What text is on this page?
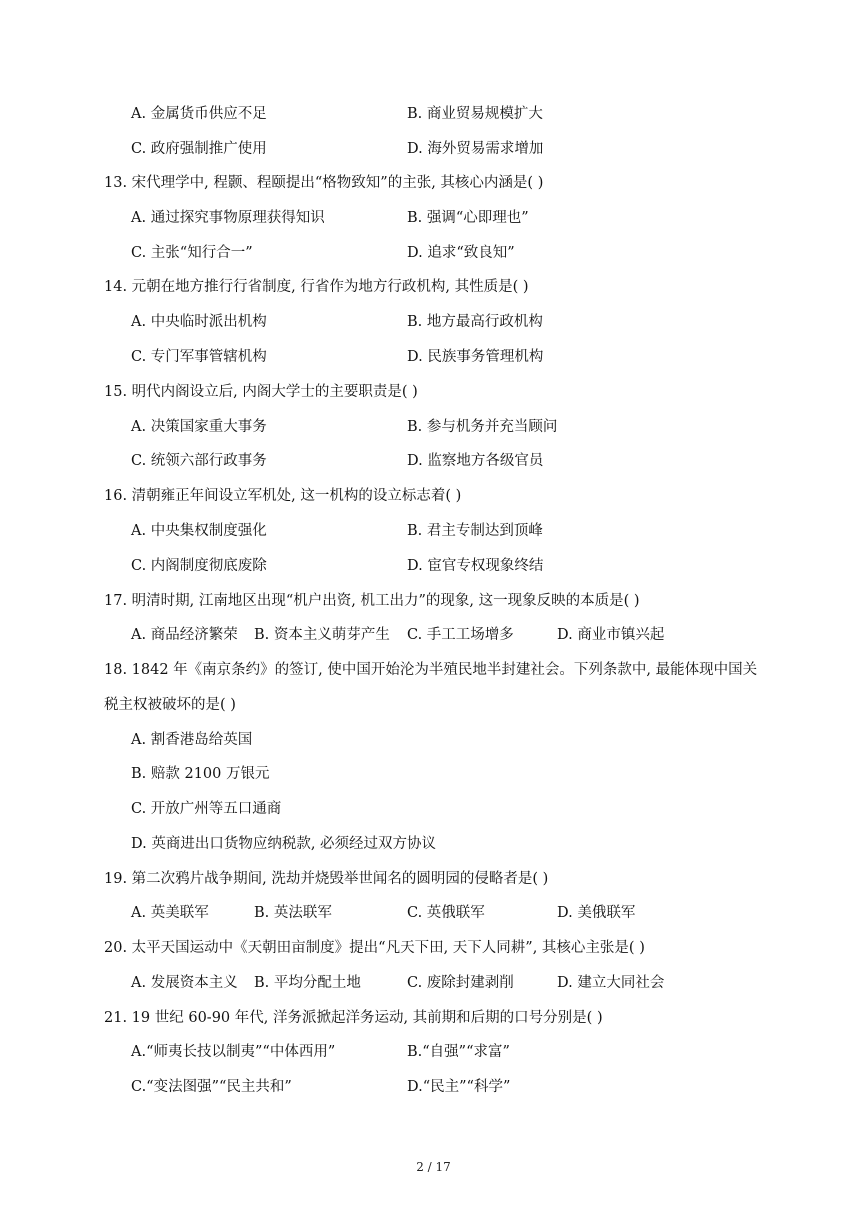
A. 金属货币供应不足	B. 商业贸易规模扩大
C. 政府强制推广使用	D. 海外贸易需求增加
13. 宋代理学中, 程颢、程颐提出“格物致知”的主张, 其核心内涵是( )
A. 通过探究事物原理获得知识	B. 强调“心即理也”
C. 主张“知行合一”	D. 追求“致良知”
14. 元朝在地方推行行省制度, 行省作为地方行政机构, 其性质是( )
A. 中央临时派出机构	B. 地方最高行政机构
C. 专门军事管辖机构	D. 民族事务管理机构
15. 明代内阁设立后, 内阁大学士的主要职责是( )
A. 决策国家重大事务	B. 参与机务并充当顾问
C. 统领六部行政事务	D. 监察地方各级官员
16. 清朝雍正年间设立军机处, 这一机构的设立标志着( )
A. 中央集权制度强化	B. 君主专制达到顶峰
C. 内阁制度彻底废除	D. 宦官专权现象终结
17. 明清时期, 江南地区出现“机户出资, 机工出力”的现象, 这一现象反映的本质是( )
A. 商品经济繁荣 B. 资本主义萌芽产生 C. 手工工场增多	D. 商业市镇兴起
18. 1842 年《南京条约》的签订, 使中国开始沦为半殖民地半封建社会。下列条款中, 最能体现中国关
税主权被破坏的是( )
A. 割香港岛给英国
B. 赔款 2100 万银元
C. 开放广州等五口通商
D. 英商进出口货物应纳税款, 必须经过双方协议
19. 第二次鸦片战争期间, 洗劫并烧毁举世闻名的圆明园的侵略者是( )
A. 英美联军	B. 英法联军	C. 英俄联军	D. 美俄联军
20. 太平天国运动中《天朝田亩制度》提出“凡天下田, 天下人同耕”, 其核心主张是( )
A. 发展资本主义 B. 平均分配土地	C. 废除封建剥削	D. 建立大同社会
21. 19 世纪 60-90 年代, 洋务派掀起洋务运动, 其前期和后期的口号分别是( )
A.“师夷长技以制夷”“中体西用”	B.“自强”“求富”
C.“变法图强”“民主共和”	D.“民主”“科学”
2 / 17
